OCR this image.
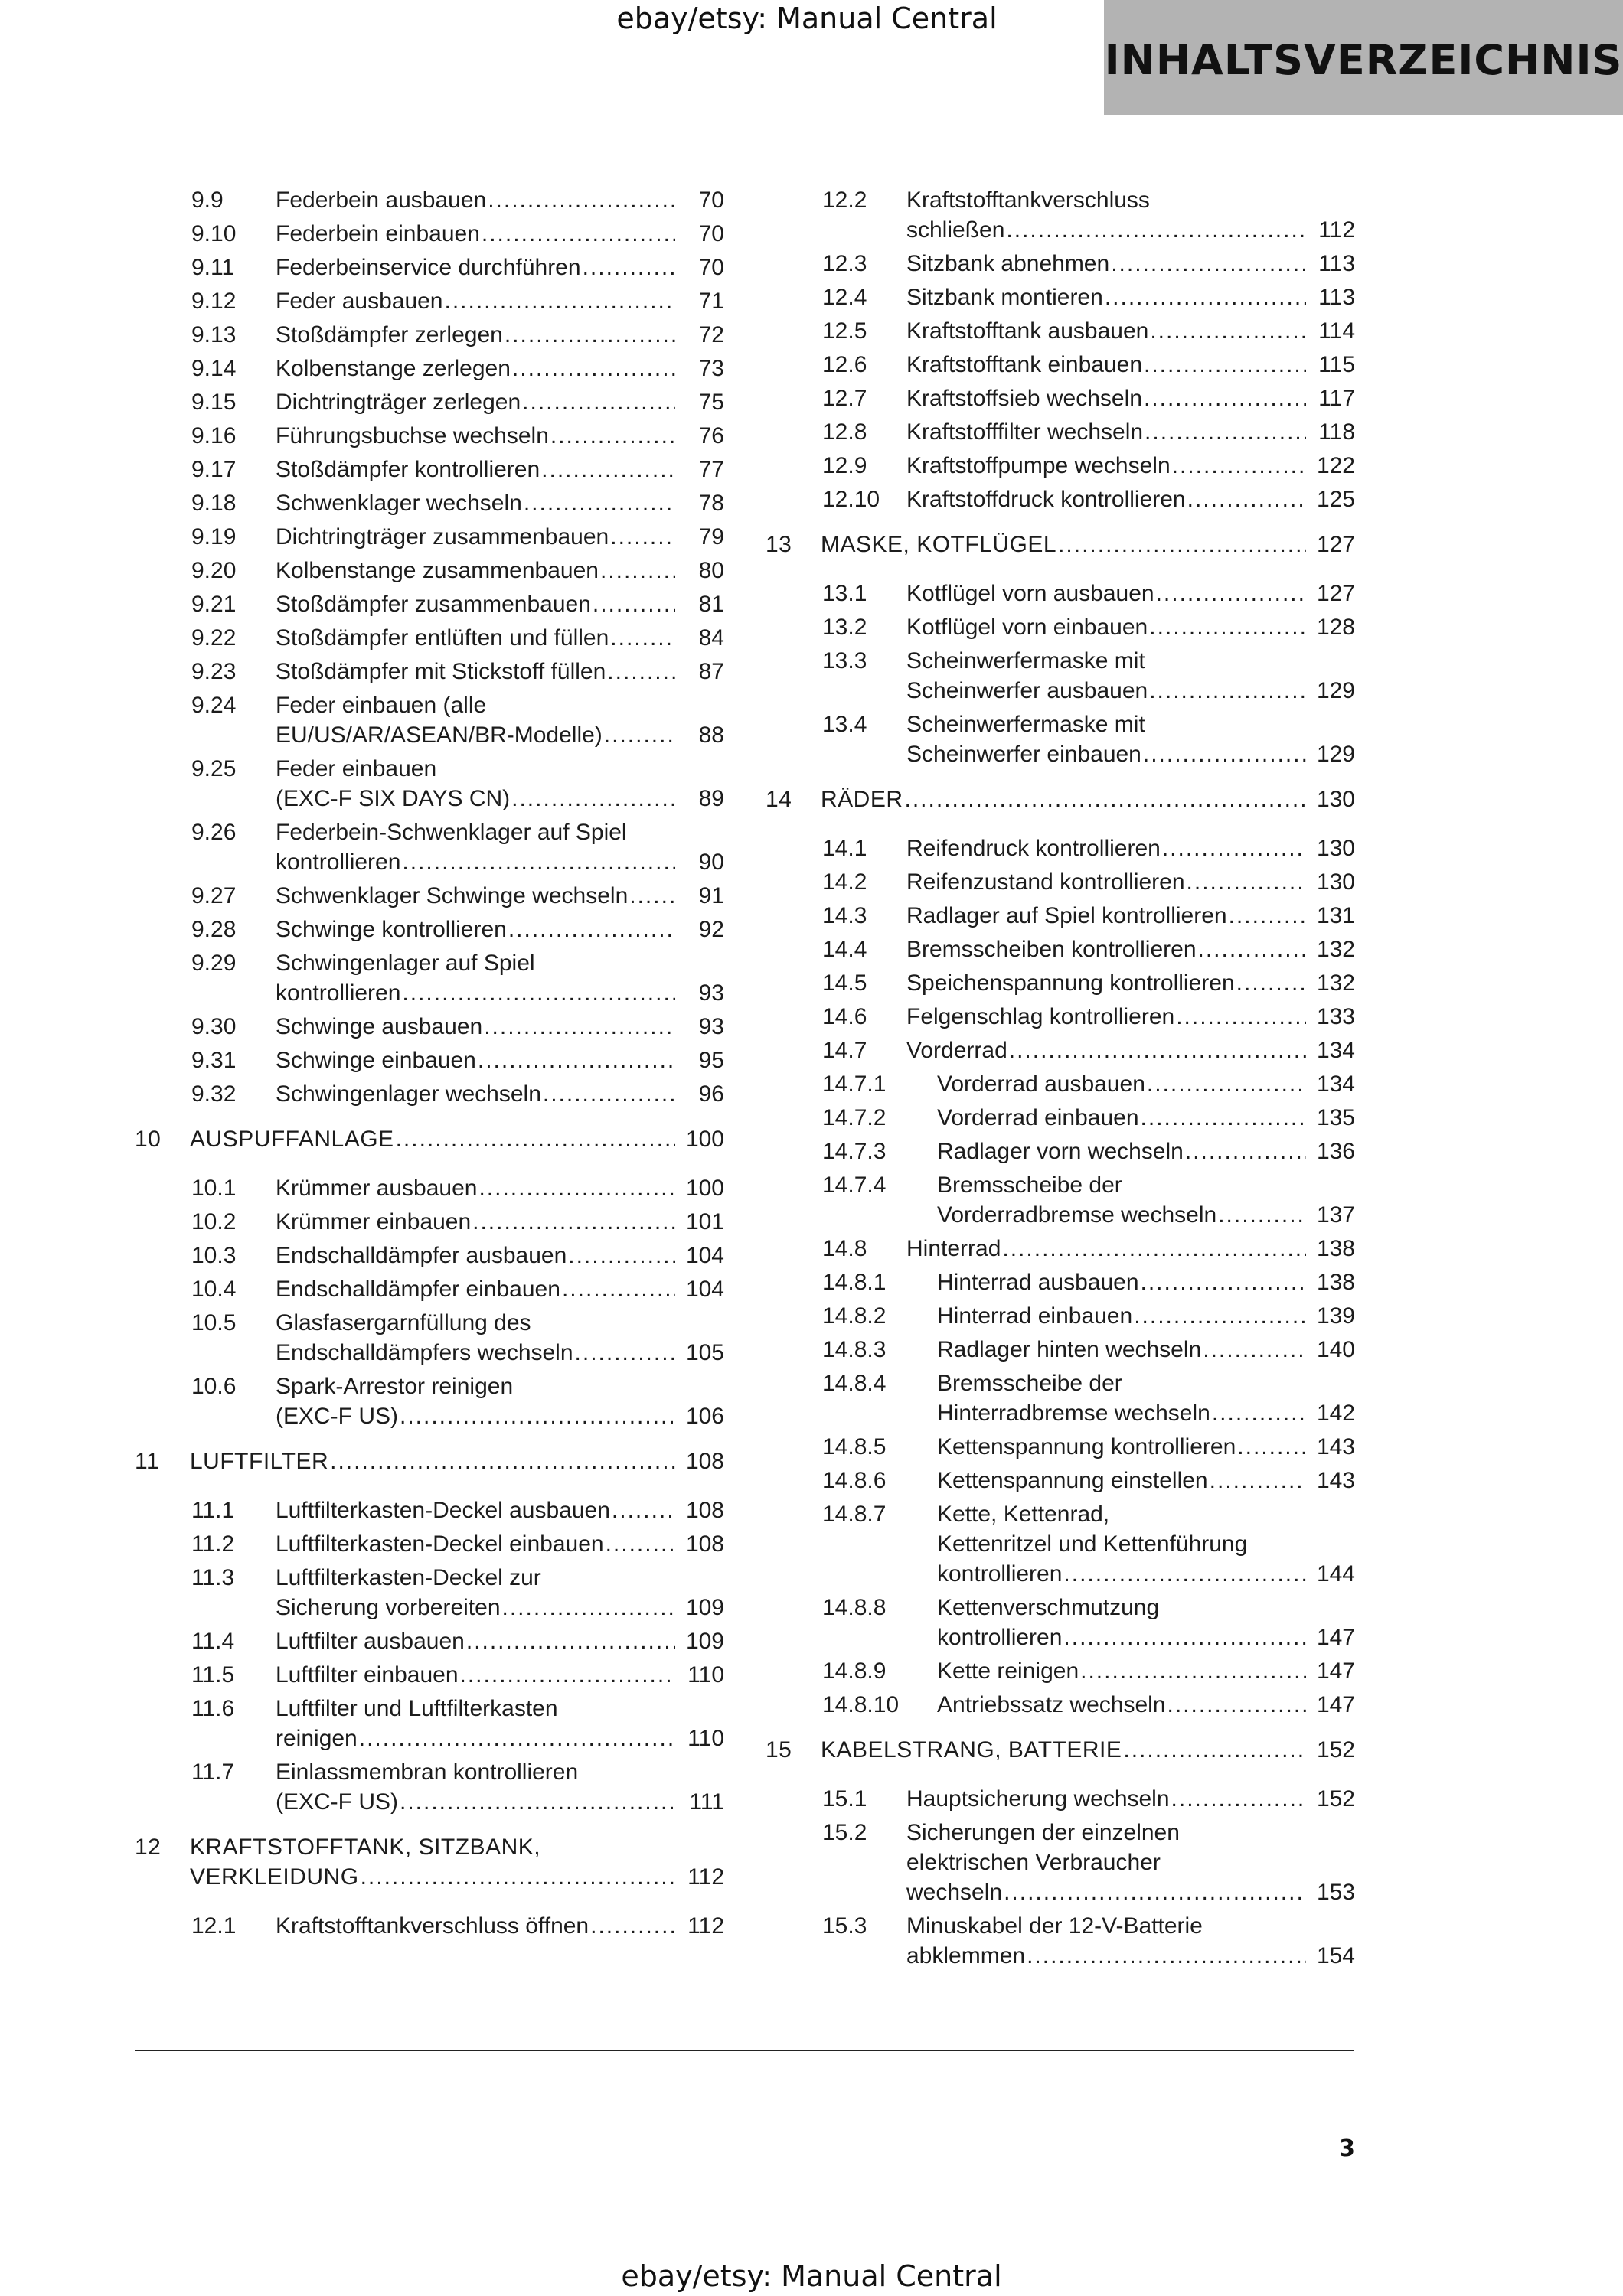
ebay/etsy: Manual Central
INHALTSVERZEICHNIS
9.9 Federbein ausbauen .....	70
9.10 Federbein einbauen .....	70
9.11 Federbeinservice durchführen .....	70
9.12 Feder ausbauen .....	71
9.13 Stoßdämpfer zerlegen .....	72
9.14 Kolbenstange zerlegen .....	73
9.15 Dichtringträger zerlegen .....	75
9.16 Führungsbuchse wechseln .....	76
9.17 Stoßdämpfer kontrollieren .....	77
9.18 Schwenklager wechseln .....	78
9.19 Dichtringträger zusammenbauen .....	79
9.20 Kolbenstange zusammenbauen .....	80
9.21 Stoßdämpfer zusammenbauen .....	81
9.22 Stoßdämpfer entlüften und füllen .....	84
9.23 Stoßdämpfer mit Stickstoff füllen .....	87
9.24 Feder einbauen (alle
EU/US/AR/ASEAN/BR-Modelle) .....	88
9.25 Feder einbauen
(EXC-F SIX DAYS CN) .....	89
9.26 Federbein-Schwenklager auf Spiel
kontrollieren .....	90
9.27 Schwenklager Schwinge wechseln .....	91
9.28 Schwinge kontrollieren .....	92
9.29 Schwingenlager auf Spiel
kontrollieren .....	93
9.30 Schwinge ausbauen .....	93
9.31 Schwinge einbauen .....	95
9.32 Schwingenlager wechseln .....	96
10 AUSPUFFANLAGE .....	100
10.1 Krümmer ausbauen .....	100
10.2 Krümmer einbauen .....	101
10.3 Endschalldämpfer ausbauen .....	104
10.4 Endschalldämpfer einbauen .....	104
10.5 Glasfasergarnfüllung des
Endschalldämpfers wechseln .....	105
10.6 Spark-Arrestor reinigen
(EXC-F US) .....	106
11 LUFTFILTER .....	108
11.1 Luftfilterkasten-Deckel ausbauen .....	108
11.2 Luftfilterkasten-Deckel einbauen .....	108
11.3 Luftfilterkasten-Deckel zur
Sicherung vorbereiten .....	109
11.4 Luftfilter ausbauen .....	109
11.5 Luftfilter einbauen .....	110
11.6 Luftfilter und Luftfilterkasten
reinigen .....	110
11.7 Einlassmembran kontrollieren
(EXC-F US) .....	111
12 KRAFTSTOFFTANK, SITZBANK,
VERKLEIDUNG .....	112
12.1 Kraftstofftankverschluss öffnen .....	112
12.2 Kraftstofftankverschluss
schließen .....	112
12.3 Sitzbank abnehmen .....	113
12.4 Sitzbank montieren .....	113
12.5 Kraftstofftank ausbauen .....	114
12.6 Kraftstofftank einbauen .....	115
12.7 Kraftstoffsieb wechseln .....	117
12.8 Kraftstofffilter wechseln .....	118
12.9 Kraftstoffpumpe wechseln .....	122
12.10 Kraftstoffdruck kontrollieren .....	125
13 MASKE, KOTFLÜGEL .....	127
13.1 Kotflügel vorn ausbauen .....	127
13.2 Kotflügel vorn einbauen .....	128
13.3 Scheinwerfermaske mit
Scheinwerfer ausbauen .....	129
13.4 Scheinwerfermaske mit
Scheinwerfer einbauen .....	129
14 RÄDER .....	130
14.1 Reifendruck kontrollieren .....	130
14.2 Reifenzustand kontrollieren .....	130
14.3 Radlager auf Spiel kontrollieren .....	131
14.4 Bremsscheiben kontrollieren .....	132
14.5 Speichenspannung kontrollieren .....	132
14.6 Felgenschlag kontrollieren .....	133
14.7 Vorderrad .....	134
14.7.1 Vorderrad ausbauen .....	134
14.7.2 Vorderrad einbauen .....	135
14.7.3 Radlager vorn wechseln .....	136
14.7.4 Bremsscheibe der
Vorderradbremse wechseln .....	137
14.8 Hinterrad .....	138
14.8.1 Hinterrad ausbauen .....	138
14.8.2 Hinterrad einbauen .....	139
14.8.3 Radlager hinten wechseln .....	140
14.8.4 Bremsscheibe der
Hinterradbremse wechseln .....	142
14.8.5 Kettenspannung kontrollieren .....	143
14.8.6 Kettenspannung einstellen .....	143
14.8.7 Kette, Kettenrad,
Kettenritzel und Kettenführung
kontrollieren .....	144
14.8.8 Kettenverschmutzung
kontrollieren .....	147
14.8.9 Kette reinigen .....	147
14.8.10 Antriebssatz wechseln .....	147
15 KABELSTRANG, BATTERIE .....	152
15.1 Hauptsicherung wechseln .....	152
15.2 Sicherungen der einzelnen
elektrischen Verbraucher
wechseln .....	153
15.3 Minuskabel der 12-V-Batterie
abklemmen .....	154
3
ebay/etsy: Manual Central
